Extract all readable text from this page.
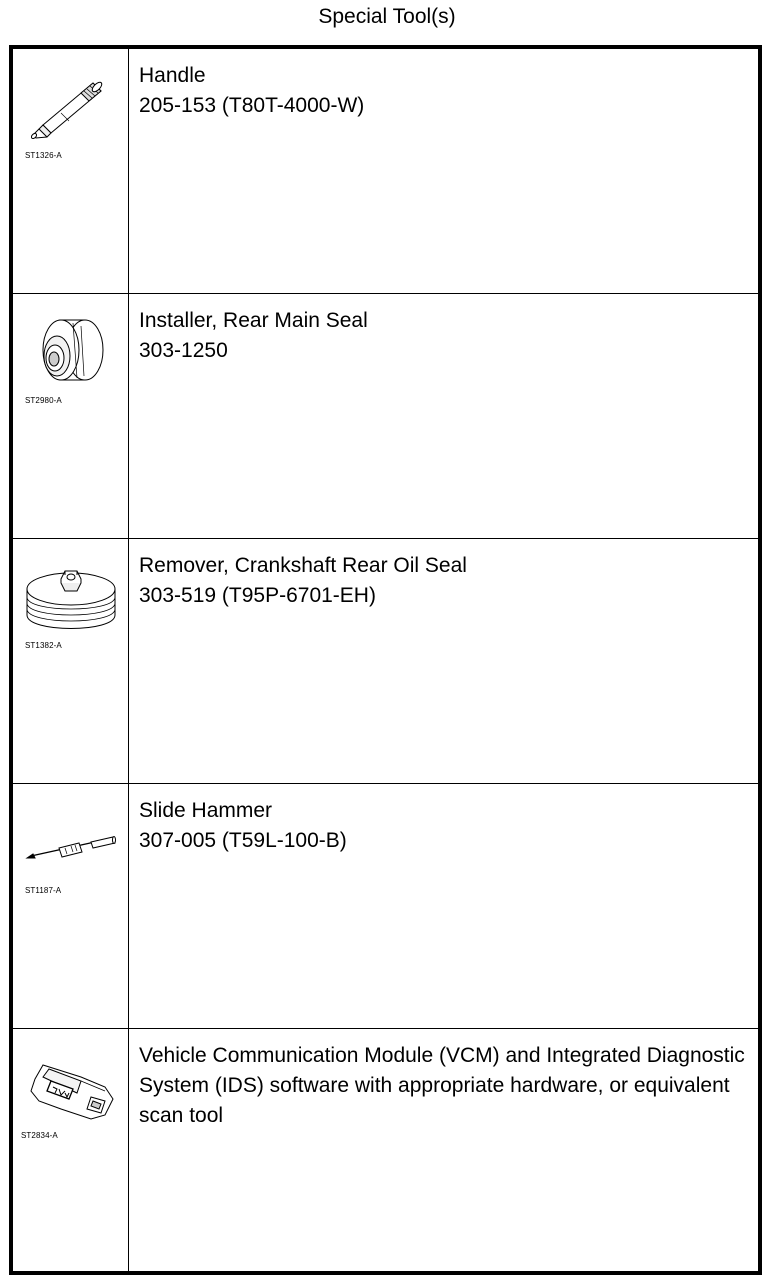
Special Tool(s)
ST1326-A
Handle
205-153 (T80T-4000-W)
ST2980-A
Installer, Rear Main Seal
303-1250
ST1382-A
Remover, Crankshaft Rear Oil Seal
303-519 (T95P-6701-EH)
ST1187-A
Slide Hammer
307-005 (T59L-100-B)
ST2834-A
Vehicle Communication Module (VCM) and Integrated Diagnostic System (IDS) software with appropriate hardware, or equivalent scan tool
